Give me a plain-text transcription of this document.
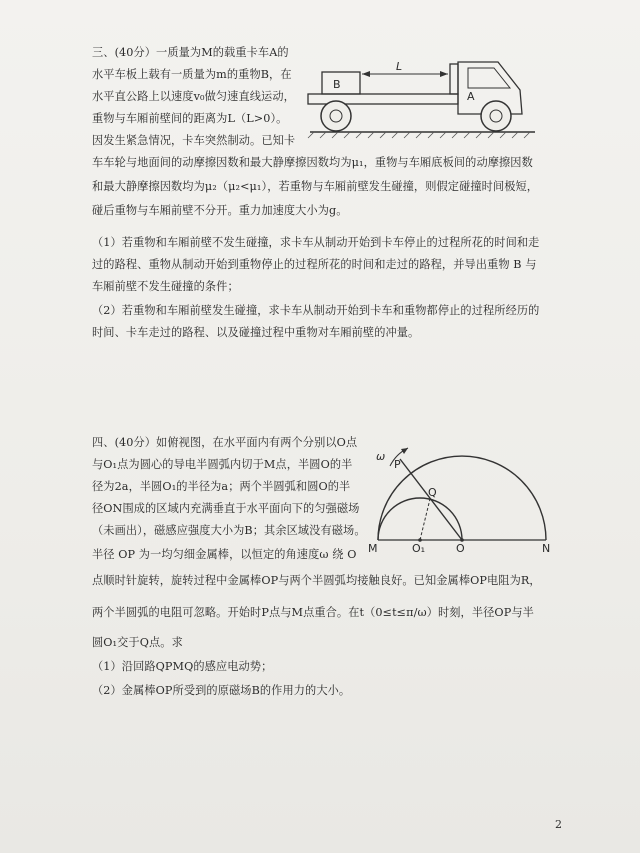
三、(40分）一质量为M的载重卡车A的
水平车板上载有一质量为m的重物B，在
水平直公路上以速度v₀做匀速直线运动，
重物与车厢前壁间的距离为L（L>0）。
因发生紧急情况，卡车突然制动。已知卡
车车轮与地面间的动摩擦因数和最大静摩擦因数均为μ₁，重物与车厢底板间的动摩擦因数
和最大静摩擦因数均为μ₂（μ₂<μ₁），若重物与车厢前壁发生碰撞，则假定碰撞时间极短，
碰后重物与车厢前壁不分开。重力加速度大小为g。
（1）若重物和车厢前壁不发生碰撞，求卡车从制动开始到卡车停止的过程所花的时间和走
过的路程、重物从制动开始到重物停止的过程所花的时间和走过的路程，并导出重物 B 与
车厢前壁不发生碰撞的条件；
（2）若重物和车厢前壁发生碰撞，求卡车从制动开始到卡车和重物都停止的过程所经历的
时间、卡车走过的路程、以及碰撞过程中重物对车厢前壁的冲量。
B
L
A
四、(40分）如俯视图，在水平面内有两个分别以O点
与O₁点为圆心的导电半圆弧内切于M点，半圆O的半
径为2a，半圆O₁的半径为a；两个半圆弧和圆O的半
径ON围成的区域内充满垂直于水平面向下的匀强磁场
（未画出），磁感应强度大小为B；其余区域没有磁场。
半径 OP 为一均匀细金属棒，以恒定的角速度ω 绕 O
点顺时针旋转，旋转过程中金属棒OP与两个半圆弧均接触良好。已知金属棒OP电阻为R，
两个半圆弧的电阻可忽略。开始时P点与M点重合。在t（0≤t≤π/ω）时刻，半径OP与半
圆O₁交于Q点。求
（1）沿回路QPMQ的感应电动势；
（2）金属棒OP所受到的原磁场B的作用力的大小。
ω
P
Q
M	O₁	O	N
2
